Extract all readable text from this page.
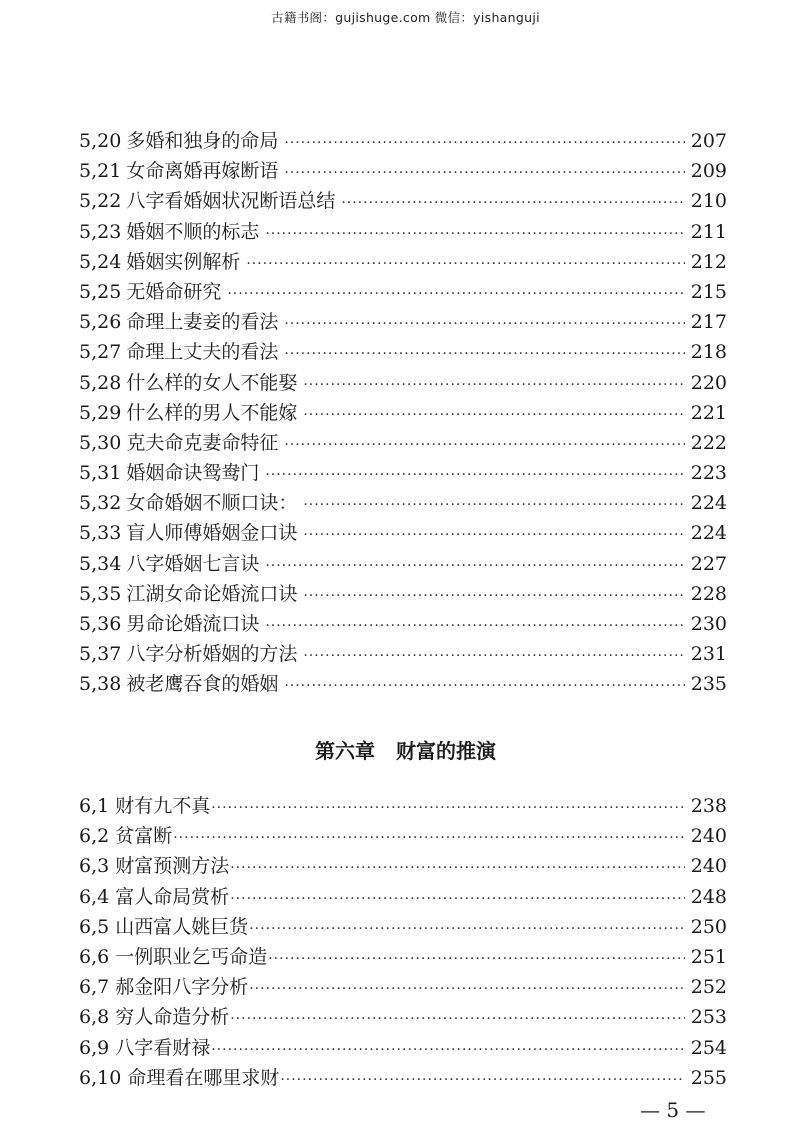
古籍书阁：gujishuge.com 微信：yishanguji
5,20 多婚和独身的命局 ·····	207
5,21 女命离婚再嫁断语 ·····	209
5,22 八字看婚姻状况断语总结 ·····	210
5,23 婚姻不顺的标志 ·····	211
5,24 婚姻实例解析 ·····	212
5,25 无婚命研究 ·····	215
5,26 命理上妻妾的看法 ·····	217
5,27 命理上丈夫的看法 ·····	218
5,28 什么样的女人不能娶 ·····	220
5,29 什么样的男人不能嫁 ·····	221
5,30 克夫命克妻命特征 ·····	222
5,31 婚姻命诀鸳鸯门 ·····	223
5,32 女命婚姻不顺口诀： ·····	224
5,33 盲人师傅婚姻金口诀 ·····	224
5,34 八字婚姻七言诀 ·····	227
5,35 江湖女命论婚流口诀 ·····	228
5,36 男命论婚流口诀 ·····	230
5,37 八字分析婚姻的方法 ·····	231
5,38 被老鹰吞食的婚姻 ·····	235
第六章 财富的推演
6,1 财有九不真 ·····	238
6,2 贫富断 ·····	240
6,3 财富预测方法 ·····	240
6,4 富人命局赏析 ·····	248
6,5 山西富人姚巨货 ·····	250
6,6 一例职业乞丐命造 ·····	251
6,7 郝金阳八字分析 ·····	252
6,8 穷人命造分析 ·····	253
6,9 八字看财禄 ·····	254
6,10 命理看在哪里求财 ·····	255
— 5 —
